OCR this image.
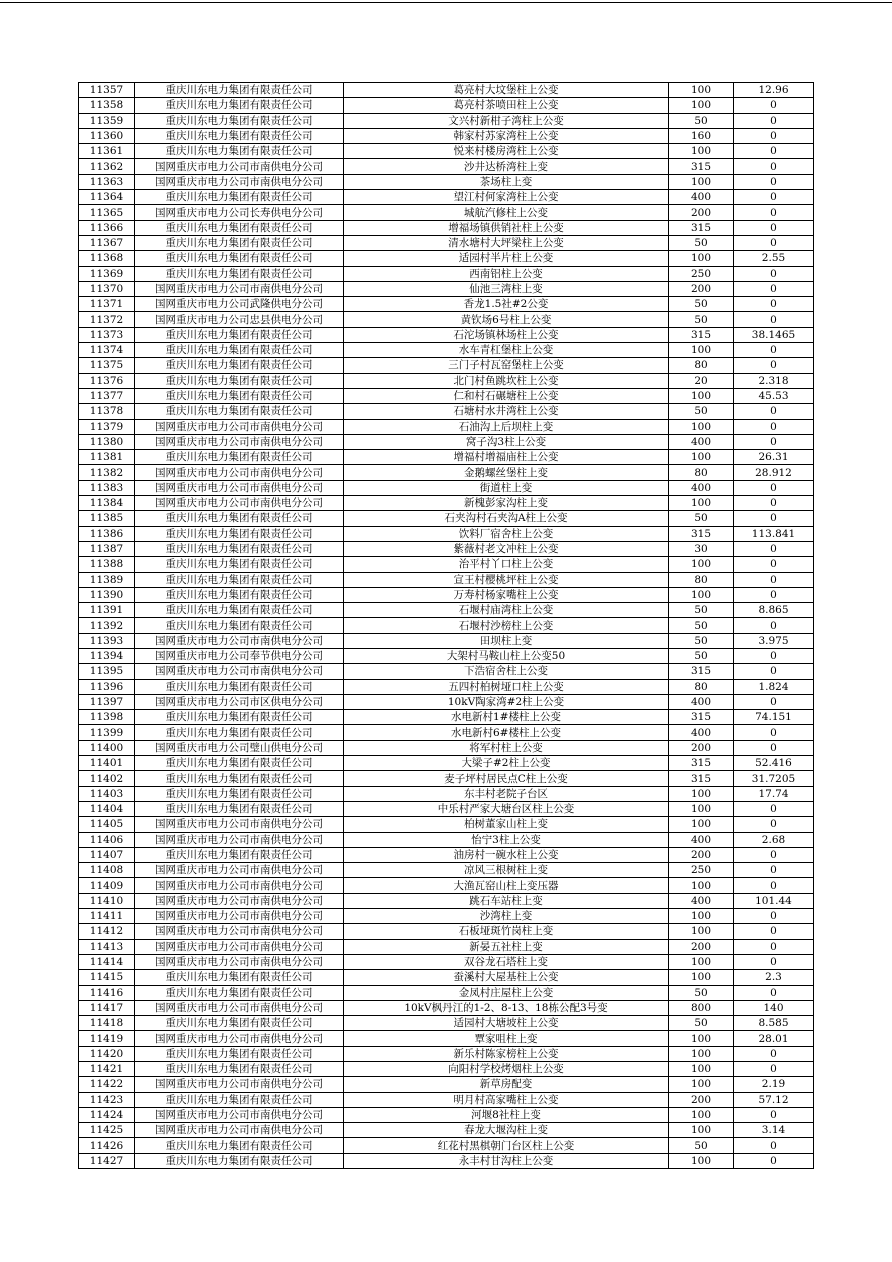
11357	重庆川东电力集团有限责任公司	葛亮村大坟堡柱上公变	100	12.96
11358	重庆川东电力集团有限责任公司	葛亮村茶喷田柱上公变	100	0
11359	重庆川东电力集团有限责任公司	文兴村新柑子湾柱上公变	50	0
11360	重庆川东电力集团有限责任公司	韩家村苏家湾柱上公变	160	0
11361	重庆川东电力集团有限责任公司	悦来村楼房湾柱上公变	100	0
11362	国网重庆市电力公司市南供电分公司	沙井达桥湾柱上变	315	0
11363	国网重庆市电力公司市南供电分公司	茶场柱上变	100	0
11364	重庆川东电力集团有限责任公司	望江村何家湾柱上公变	400	0
11365	国网重庆市电力公司长寿供电分公司	城航汽修柱上公变	200	0
11366	重庆川东电力集团有限责任公司	增福场镇供销社柱上公变	315	0
11367	重庆川东电力集团有限责任公司	清水塘村大坪梁柱上公变	50	0
11368	重庆川东电力集团有限责任公司	适园村半片柱上公变	100	2.55
11369	重庆川东电力集团有限责任公司	西南铝柱上公变	250	0
11370	国网重庆市电力公司市南供电分公司	仙池三湾柱上变	200	0
11371	国网重庆市电力公司武隆供电分公司	香龙1.5社#2公变	50	0
11372	国网重庆市电力公司忠县供电分公司	黄钦场6号柱上公变	50	0
11373	重庆川东电力集团有限责任公司	石沱场镇林场柱上公变	315	38.1465
11374	重庆川东电力集团有限责任公司	水车青杠堡柱上公变	100	0
11375	重庆川东电力集团有限责任公司	三门子村瓦窑堡柱上公变	80	0
11376	重庆川东电力集团有限责任公司	北门村鱼跳坎柱上公变	20	2.318
11377	重庆川东电力集团有限责任公司	仁和村石碾塘柱上公变	100	45.53
11378	重庆川东电力集团有限责任公司	石塘村水井湾柱上公变	50	0
11379	国网重庆市电力公司市南供电分公司	石油沟上后坝柱上变	100	0
11380	国网重庆市电力公司市南供电分公司	窝子沟3柱上公变	400	0
11381	重庆川东电力集团有限责任公司	增福村增福庙柱上公变	100	26.31
11382	国网重庆市电力公司市南供电分公司	金鹅螺丝堡柱上变	80	28.912
11383	国网重庆市电力公司市南供电分公司	街道柱上变	400	0
11384	国网重庆市电力公司市南供电分公司	新槐彭家沟柱上变	100	0
11385	重庆川东电力集团有限责任公司	石夹沟村石夹沟A柱上公变	50	0
11386	重庆川东电力集团有限责任公司	饮料厂宿舍柱上公变	315	113.841
11387	重庆川东电力集团有限责任公司	紫薇村老文冲柱上公变	30	0
11388	重庆川东电力集团有限责任公司	治平村丫口柱上公变	100	0
11389	重庆川东电力集团有限责任公司	宣王村樱桃坪柱上公变	80	0
11390	重庆川东电力集团有限责任公司	万寿村杨家嘴柱上公变	100	0
11391	重庆川东电力集团有限责任公司	石堰村庙湾柱上公变	50	8.865
11392	重庆川东电力集团有限责任公司	石堰村沙榜柱上公变	50	0
11393	国网重庆市电力公司市南供电分公司	田坝柱上变	50	3.975
11394	国网重庆市电力公司奉节供电分公司	大架村马鞍山柱上公变50	50	0
11395	国网重庆市电力公司市南供电分公司	下浩宿舍柱上公变	315	0
11396	重庆川东电力集团有限责任公司	五四村柏树垭口柱上公变	80	1.824
11397	国网重庆市电力公司市区供电分公司	10kV陶家湾#2柱上公变	400	0
11398	重庆川东电力集团有限责任公司	水电新村1#楼柱上公变	315	74.151
11399	重庆川东电力集团有限责任公司	水电新村6#楼柱上公变	400	0
11400	国网重庆市电力公司璧山供电分公司	将军村柱上公变	200	0
11401	重庆川东电力集团有限责任公司	大梁子#2柱上公变	315	52.416
11402	重庆川东电力集团有限责任公司	麦子坪村居民点C柱上公变	315	31.7205
11403	重庆川东电力集团有限责任公司	东丰村老院子台区	100	17.74
11404	重庆川东电力集团有限责任公司	中乐村严家大塘台区柱上公变	100	0
11405	国网重庆市电力公司市南供电分公司	柏树董家山柱上变	100	0
11406	国网重庆市电力公司市南供电分公司	怡宁3柱上公变	400	2.68
11407	重庆川东电力集团有限责任公司	油房村一碗水柱上公变	200	0
11408	国网重庆市电力公司市南供电分公司	凉风三根树柱上变	250	0
11409	国网重庆市电力公司市南供电分公司	大渔瓦窑山柱上变压器	100	0
11410	国网重庆市电力公司市南供电分公司	跳石车站柱上变	400	101.44
11411	国网重庆市电力公司市南供电分公司	沙湾柱上变	100	0
11412	国网重庆市电力公司市南供电分公司	石板垭斑竹岗柱上变	100	0
11413	国网重庆市电力公司市南供电分公司	新晏五社柱上变	200	0
11414	国网重庆市电力公司市南供电分公司	双谷龙石塔柱上变	100	0
11415	重庆川东电力集团有限责任公司	蚕溪村大屋基柱上公变	100	2.3
11416	重庆川东电力集团有限责任公司	金凤村庄屋柱上公变	50	0
11417	国网重庆市电力公司市南供电分公司	10kV枫丹江的1-2、8-13、18栋公配3号变	800	140
11418	重庆川东电力集团有限责任公司	适园村大塘坡柱上公变	50	8.585
11419	国网重庆市电力公司市南供电分公司	覃家咀柱上变	100	28.01
11420	重庆川东电力集团有限责任公司	新乐村陈家榜柱上公变	100	0
11421	重庆川东电力集团有限责任公司	向阳村学校烤烟柱上公变	100	0
11422	国网重庆市电力公司市南供电分公司	新草房配变	100	2.19
11423	重庆川东电力集团有限责任公司	明月村高家嘴柱上公变	200	57.12
11424	国网重庆市电力公司市南供电分公司	河堰8社柱上变	100	0
11425	国网重庆市电力公司市南供电分公司	春龙大堰沟柱上变	100	3.14
11426	重庆川东电力集团有限责任公司	红花村黑棋朝门台区柱上公变	50	0
11427	重庆川东电力集团有限责任公司	永丰村甘沟柱上公变	100	0
